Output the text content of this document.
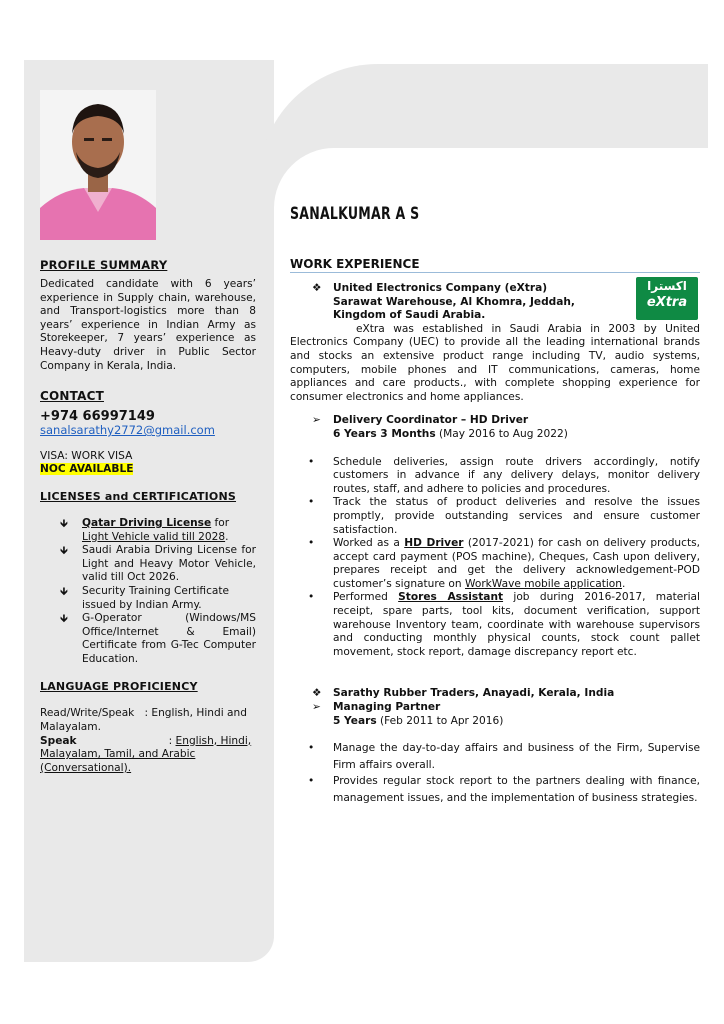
PROFILE SUMMARY
Dedicated candidate with 6 years’ experience in Supply chain, warehouse, and Transport-logistics more than 8 years’ experience in Indian Army as Storekeeper, 7 years’ experience as Heavy-duty driver in Public Sector Company in Kerala, India.
CONTACT
+974 66997149
sanalsarathy2772@gmail.com
VISA: WORK VISA
NOC AVAILABLE
LICENSES and CERTIFICATIONS
🡻 Qatar Driving License for
Light Vehicle valid till 2028.
🡻 Saudi Arabia Driving License for Light and Heavy Motor Vehicle, valid till Oct 2026.
🡻 Security Training Certificate issued by Indian Army.
🡻 G-Operator (Windows/MS Office/Internet & Email) Certificate from G-Tec Computer Education.
LANGUAGE PROFICIENCY
Read/Write/Speak : English, Hindi and Malayalam.
Speak	: English, Hindi, Malayalam, Tamil, and Arabic (Conversational).
SANALKUMAR A S
WORK EXPERIENCE
اكسترا
eXtra
❖ United Electronics Company (eXtra)
Sarawat Warehouse, Al Khomra, Jeddah,
Kingdom of Saudi Arabia.
eXtra was established in Saudi Arabia in 2003 by United Electronics Company (UEC) to provide all the leading international brands and stocks an extensive product range including TV, audio systems, computers, mobile phones and IT communications, cameras, home appliances and care products., with complete shopping experience for consumer electronics and home appliances.
➢ Delivery Coordinator – HD Driver
6 Years 3 Months (May 2016 to Aug 2022)
• Schedule deliveries, assign route drivers accordingly, notify customers in advance if any delivery delays, monitor delivery routes, staff, and adhere to policies and procedures.
• Track the status of product deliveries and resolve the issues promptly, provide outstanding services and ensure customer satisfaction.
• Worked as a HD Driver (2017-2021) for cash on delivery products, accept card payment (POS machine), Cheques, Cash upon delivery, prepares receipt and get the delivery acknowledgement-POD customer’s signature on WorkWave mobile application.
• Performed Stores Assistant job during 2016-2017, material receipt, spare parts, tool kits, document verification, support warehouse Inventory team, coordinate with warehouse supervisors and conducting monthly physical counts, stock count pallet movement, stock report, damage discrepancy report etc.
❖ Sarathy Rubber Traders, Anayadi, Kerala, India
➢ Managing Partner
5 Years (Feb 2011 to Apr 2016)
• Manage the day-to-day affairs and business of the Firm, Supervise Firm affairs overall.
• Provides regular stock report to the partners dealing with finance, management issues, and the implementation of business strategies.
